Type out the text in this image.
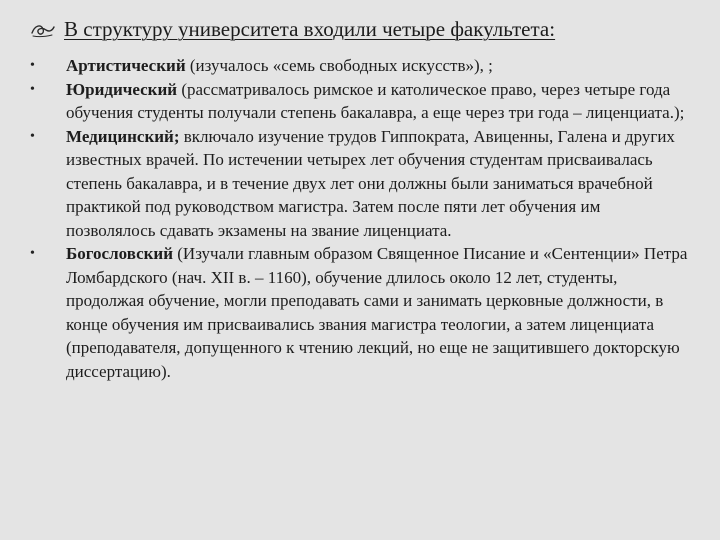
В структуру университета входили четыре факультета:
• Артистический (изучалось «семь свободных искусств»), ;
• Юридический (рассматривалось римское и католическое право, через четыре года обучения студенты получали степень бакалавра, а еще через три года – лиценциата.);
• Медицинский; включало изучение трудов Гиппократа, Авиценны, Галена и других известных врачей. По истечении четырех лет обучения студентам присваивалась степень бакалавра, и в течение двух лет они должны были заниматься врачебной практикой под руководством магистра. Затем после пяти лет обучения им позволялось сдавать экзамены на звание лиценциата.
• Богословский (Изучали главным образом Священное Писание и «Сентенции» Петра Ломбардского (нач. XII в. – 1160), обучение длилось около 12 лет, студенты, продолжая обучение, могли преподавать сами и занимать церковные должности, в конце обучения им присваивались звания магистра теологии, а затем лиценциата (преподавателя, допущенного к чтению лекций, но еще не защитившего докторскую диссертацию).
